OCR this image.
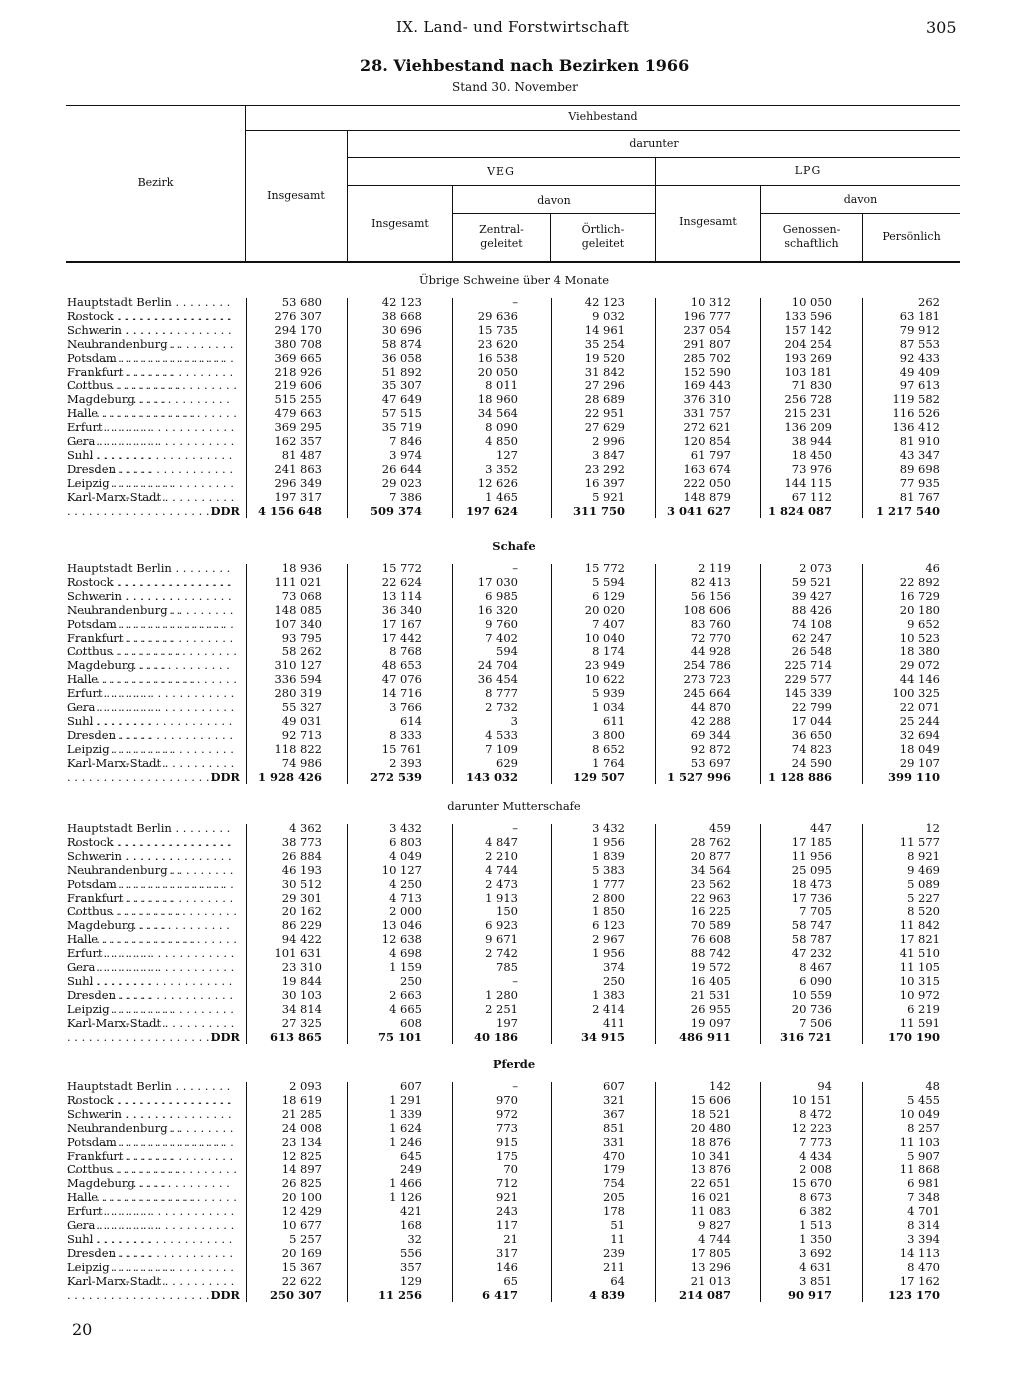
IX. Land- und Forstwirtschaft	305
28. Viehbestand nach Bezirken 1966
Stand 30. November
Bezirk
Viehbestand
Insgesamt
darunter
VEG	LPG
Insgesamt
davon
Zentral-
geleitet
Örtlich-
geleitet
Insgesamt
davon
Genossen-
schaftlich
Persönlich
Übrige Schweine über 4 Monate
Hauptstadt Berlin . . .	53 680	42 123	–	42 123	10 312	10 050	262
Rostock . . .	276 307	38 668	29 636	9 032	196 777	133 596	63 181
Schwerin . . .	294 170	30 696	15 735	14 961	237 054	157 142	79 912
Neubrandenburg . . .	380 708	58 874	23 620	35 254	291 807	204 254	87 553
Potsdam . . .	369 665	36 058	16 538	19 520	285 702	193 269	92 433
Frankfurt . . .	218 926	51 892	20 050	31 842	152 590	103 181	49 409
Cottbus . . .	219 606	35 307	8 011	27 296	169 443	71 830	97 613
Magdeburg . . .	515 255	47 649	18 960	28 689	376 310	256 728	119 582
Halle . . .	479 663	57 515	34 564	22 951	331 757	215 231	116 526
Erfurt . . .	369 295	35 719	8 090	27 629	272 621	136 209	136 412
Gera . . .	162 357	7 846	4 850	2 996	120 854	38 944	81 910
Suhl . . .	81 487	3 974	127	3 847	61 797	18 450	43 347
Dresden . . .	241 863	26 644	3 352	23 292	163 674	73 976	89 698
Leipzig . . .	296 349	29 023	12 626	16 397	222 050	144 115	77 935
Karl-Marx-Stadt . . .	197 317	7 386	1 465	5 921	148 879	67 112	81 767
DDR	4 156 648	509 374	197 624	311 750	3 041 627	1 824 087	1 217 540
Schafe
Hauptstadt Berlin . . .	18 936	15 772	–	15 772	2 119	2 073	46
Rostock . . .	111 021	22 624	17 030	5 594	82 413	59 521	22 892
Schwerin . . .	73 068	13 114	6 985	6 129	56 156	39 427	16 729
Neubrandenburg . . .	148 085	36 340	16 320	20 020	108 606	88 426	20 180
Potsdam . . .	107 340	17 167	9 760	7 407	83 760	74 108	9 652
Frankfurt . . .	93 795	17 442	7 402	10 040	72 770	62 247	10 523
Cottbus . . .	58 262	8 768	594	8 174	44 928	26 548	18 380
Magdeburg . . .	310 127	48 653	24 704	23 949	254 786	225 714	29 072
Halle . . .	336 594	47 076	36 454	10 622	273 723	229 577	44 146
Erfurt . . .	280 319	14 716	8 777	5 939	245 664	145 339	100 325
Gera . . .	55 327	3 766	2 732	1 034	44 870	22 799	22 071
Suhl . . .	49 031	614	3	611	42 288	17 044	25 244
Dresden . . .	92 713	8 333	4 533	3 800	69 344	36 650	32 694
Leipzig . . .	118 822	15 761	7 109	8 652	92 872	74 823	18 049
Karl-Marx-Stadt . . .	74 986	2 393	629	1 764	53 697	24 590	29 107
DDR	1 928 426	272 539	143 032	129 507	1 527 996	1 128 886	399 110
darunter Mutterschafe
Hauptstadt Berlin . . .	4 362	3 432	–	3 432	459	447	12
Rostock . . .	38 773	6 803	4 847	1 956	28 762	17 185	11 577
Schwerin . . .	26 884	4 049	2 210	1 839	20 877	11 956	8 921
Neubrandenburg . . .	46 193	10 127	4 744	5 383	34 564	25 095	9 469
Potsdam . . .	30 512	4 250	2 473	1 777	23 562	18 473	5 089
Frankfurt . . .	29 301	4 713	1 913	2 800	22 963	17 736	5 227
Cottbus . . .	20 162	2 000	150	1 850	16 225	7 705	8 520
Magdeburg . . .	86 229	13 046	6 923	6 123	70 589	58 747	11 842
Halle . . .	94 422	12 638	9 671	2 967	76 608	58 787	17 821
Erfurt . . .	101 631	4 698	2 742	1 956	88 742	47 232	41 510
Gera . . .	23 310	1 159	785	374	19 572	8 467	11 105
Suhl . . .	19 844	250	–	250	16 405	6 090	10 315
Dresden . . .	30 103	2 663	1 280	1 383	21 531	10 559	10 972
Leipzig . . .	34 814	4 665	2 251	2 414	26 955	20 736	6 219
Karl-Marx-Stadt . . .	27 325	608	197	411	19 097	7 506	11 591
DDR	613 865	75 101	40 186	34 915	486 911	316 721	170 190
Pferde
Hauptstadt Berlin . . .	2 093	607	–	607	142	94	48
Rostock . . .	18 619	1 291	970	321	15 606	10 151	5 455
Schwerin . . .	21 285	1 339	972	367	18 521	8 472	10 049
Neubrandenburg . . .	24 008	1 624	773	851	20 480	12 223	8 257
Potsdam . . .	23 134	1 246	915	331	18 876	7 773	11 103
Frankfurt . . .	12 825	645	175	470	10 341	4 434	5 907
Cottbus . . .	14 897	249	70	179	13 876	2 008	11 868
Magdeburg . . .	26 825	1 466	712	754	22 651	15 670	6 981
Halle . . .	20 100	1 126	921	205	16 021	8 673	7 348
Erfurt . . .	12 429	421	243	178	11 083	6 382	4 701
Gera . . .	10 677	168	117	51	9 827	1 513	8 314
Suhl . . .	5 257	32	21	11	4 744	1 350	3 394
Dresden . . .	20 169	556	317	239	17 805	3 692	14 113
Leipzig . . .	15 367	357	146	211	13 296	4 631	8 470
Karl-Marx-Stadt . . .	22 622	129	65	64	21 013	3 851	17 162
DDR	250 307	11 256	6 417	4 839	214 087	90 917	123 170
20
